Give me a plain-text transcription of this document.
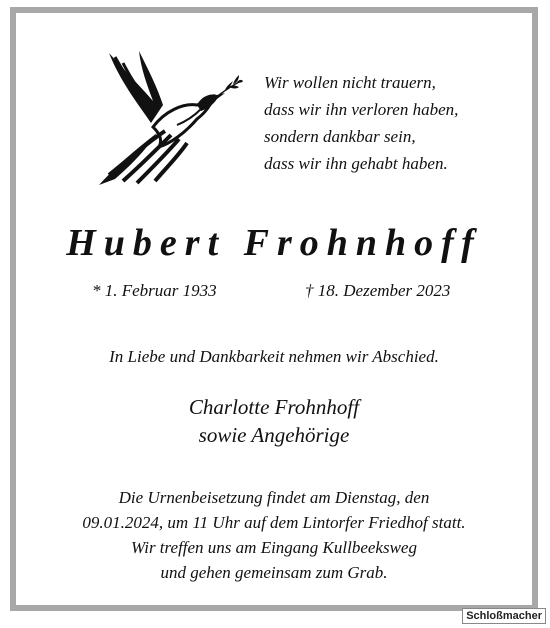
Wir wollen nicht trauern,
dass wir ihn verloren haben,
sondern dankbar sein,
dass wir ihn gehabt haben.
Hubert Frohnhoff
* 1. Februar 1933	† 18. Dezember 2023
In Liebe und Dankbarkeit nehmen wir Abschied.
Charlotte Frohnhoff
sowie Angehörige
Die Urnenbeisetzung findet am Dienstag, den
09.01.2024, um 11 Uhr auf dem Lintorfer Friedhof statt.
Wir treffen uns am Eingang Kullbeeksweg
und gehen gemeinsam zum Grab.
Schloßmacher
